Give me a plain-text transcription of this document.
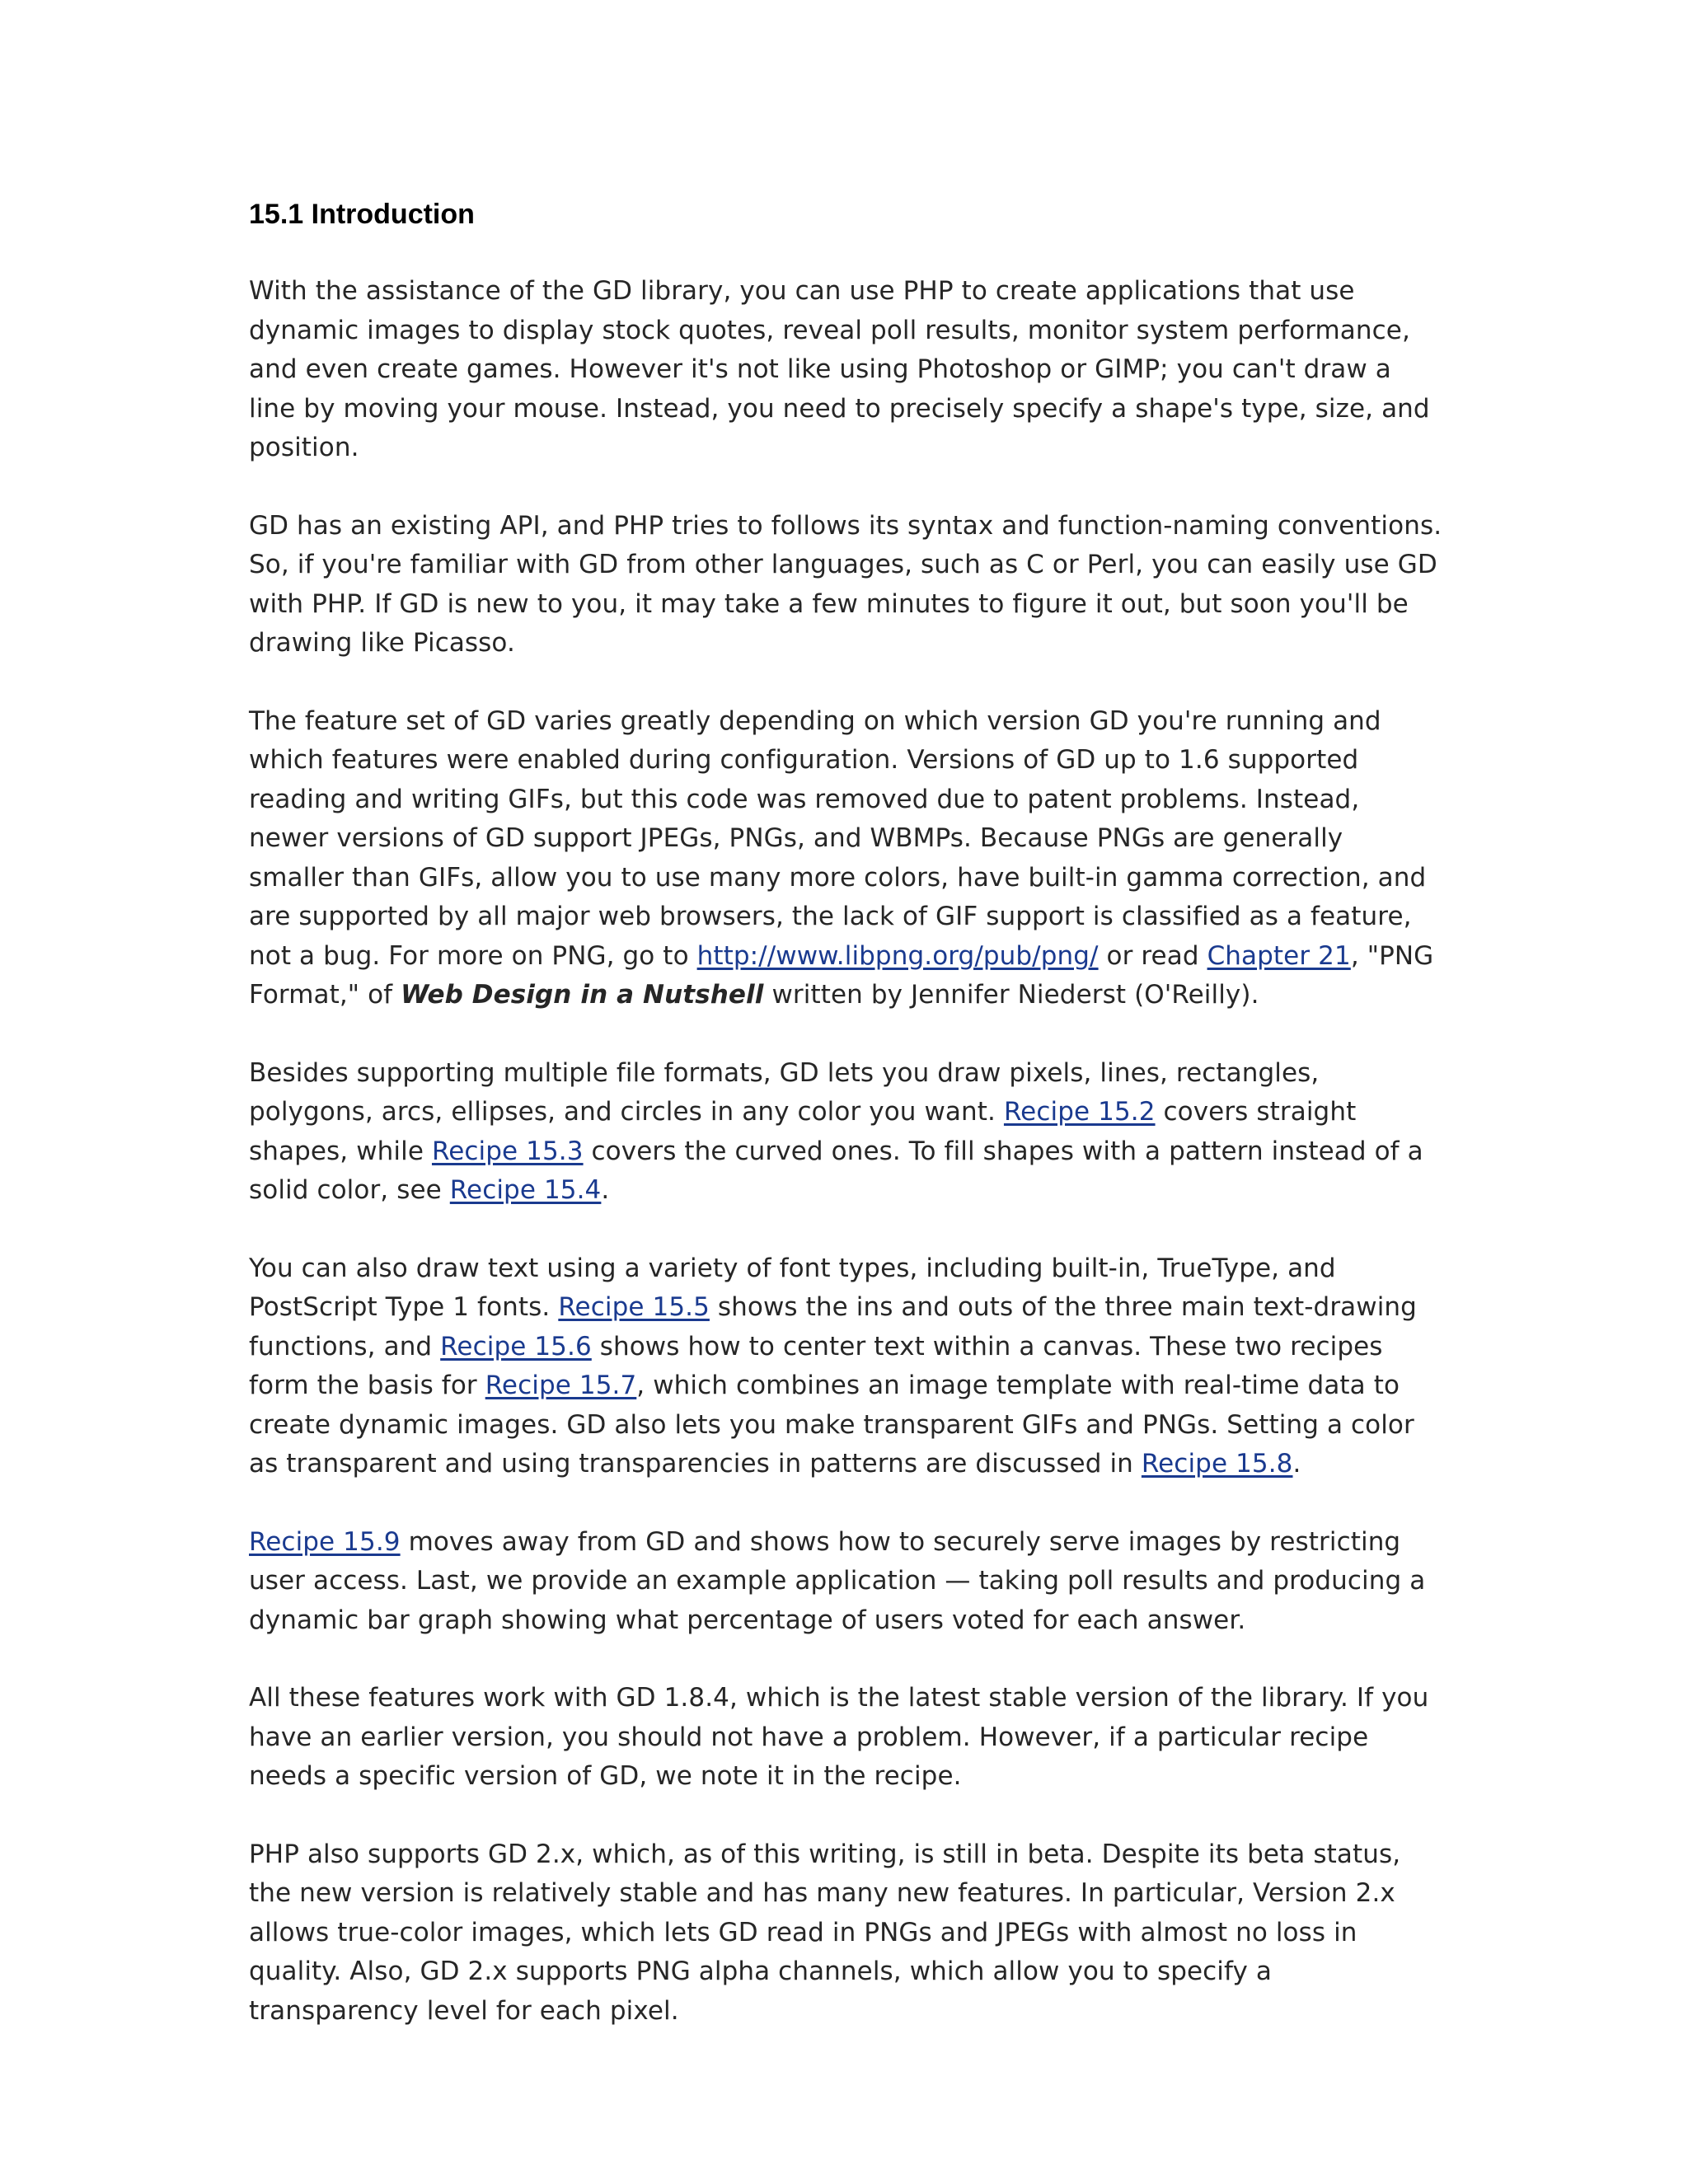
15.1 Introduction

With the assistance of the GD library, you can use PHP to create applications that use dynamic images to display stock quotes, reveal poll results, monitor system performance, and even create games. However it's not like using Photoshop or GIMP; you can't draw a line by moving your mouse. Instead, you need to precisely specify a shape's type, size, and position.

GD has an existing API, and PHP tries to follows its syntax and function-naming conventions. So, if you're familiar with GD from other languages, such as C or Perl, you can easily use GD with PHP. If GD is new to you, it may take a few minutes to figure it out, but soon you'll be drawing like Picasso.

The feature set of GD varies greatly depending on which version GD you're running and which features were enabled during configuration. Versions of GD up to 1.6 supported reading and writing GIFs, but this code was removed due to patent problems. Instead, newer versions of GD support JPEGs, PNGs, and WBMPs. Because PNGs are generally smaller than GIFs, allow you to use many more colors, have built-in gamma correction, and are supported by all major web browsers, the lack of GIF support is classified as a feature, not a bug. For more on PNG, go to http://www.libpng.org/pub/png/ or read Chapter 21, "PNG Format," of Web Design in a Nutshell written by Jennifer Niederst (O'Reilly).

Besides supporting multiple file formats, GD lets you draw pixels, lines, rectangles, polygons, arcs, ellipses, and circles in any color you want. Recipe 15.2 covers straight shapes, while Recipe 15.3 covers the curved ones. To fill shapes with a pattern instead of a solid color, see Recipe 15.4.

You can also draw text using a variety of font types, including built-in, TrueType, and PostScript Type 1 fonts. Recipe 15.5 shows the ins and outs of the three main text-drawing functions, and Recipe 15.6 shows how to center text within a canvas. These two recipes form the basis for Recipe 15.7, which combines an image template with real-time data to create dynamic images. GD also lets you make transparent GIFs and PNGs. Setting a color as transparent and using transparencies in patterns are discussed in Recipe 15.8.

Recipe 15.9 moves away from GD and shows how to securely serve images by restricting user access. Last, we provide an example application — taking poll results and producing a dynamic bar graph showing what percentage of users voted for each answer.

All these features work with GD 1.8.4, which is the latest stable version of the library. If you have an earlier version, you should not have a problem. However, if a particular recipe needs a specific version of GD, we note it in the recipe.

PHP also supports GD 2.x, which, as of this writing, is still in beta. Despite its beta status, the new version is relatively stable and has many new features. In particular, Version 2.x allows true-color images, which lets GD read in PNGs and JPEGs with almost no loss in quality. Also, GD 2.x supports PNG alpha channels, which allow you to specify a transparency level for each pixel.
